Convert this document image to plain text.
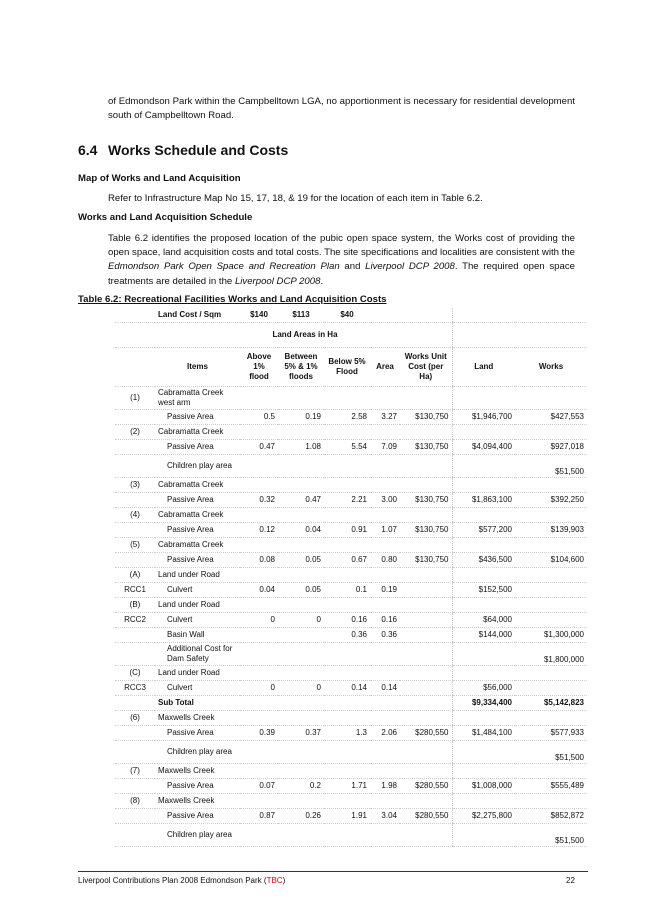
of Edmondson Park within the Campbelltown LGA, no apportionment is necessary for residential development south of Campbelltown Road.
6.4 Works Schedule and Costs
Map of Works and Land Acquisition
Refer to Infrastructure Map No 15, 17, 18, & 19 for the location of each item in Table 6.2.
Works and Land Acquisition Schedule
Table 6.2 identifies the proposed location of the pubic open space system, the Works cost of providing the open space, land acquisition costs and total costs. The site specifications and localities are consistent with the Edmondson Park Open Space and Recreation Plan and Liverpool DCP 2008. The required open space treatments are detailed in the Liverpool DCP 2008.
Table 6.2: Recreational Facilities Works and Land Acquisition Costs
	Land Cost / Sqm	$140	$113	$40				
		Land Areas in Ha						
	Items	Above 1% flood	Between 5% & 1% floods	Below 5% Flood	Area	Works Unit Cost (per Ha)	Land	Works
(1)	Cabramatta Creek west arm							
	Passive Area	0.5	0.19	2.58	3.27	$130,750	$1,946,700	$427,553
(2)	Cabramatta Creek							
	Passive Area	0.47	1.08	5.54	7.09	$130,750	$4,094,400	$927,018
	Children play area							$51,500
(3)	Cabramatta Creek							
	Passive Area	0.32	0.47	2.21	3.00	$130,750	$1,863,100	$392,250
(4)	Cabramatta Creek							
	Passive Area	0.12	0.04	0.91	1.07	$130,750	$577,200	$139,903
(5)	Cabramatta Creek							
	Passive Area	0.08	0.05	0.67	0.80	$130,750	$436,500	$104,600
(A)	Land under Road							
RCC1	Culvert	0.04	0.05	0.1	0.19		$152,500	
(B)	Land under Road							
RCC2	Culvert	0	0	0.16	0.16		$64,000	
	Basin Wall			0.36	0.36		$144,000	$1,300,000
	Additional Cost for Dam Safety							$1,800,000
(C)	Land under Road							
RCC3	Culvert	0	0	0.14	0.14		$56,000	
	Sub Total						$9,334,400	$5,142,823
(6)	Maxwells Creek							
	Passive Area	0.39	0.37	1.3	2.06	$280,550	$1,484,100	$577,933
	Children play area							$51,500
(7)	Maxwells Creek							
	Passive Area	0.07	0.2	1.71	1.98	$280,550	$1,008,000	$555,489
(8)	Maxwells Creek							
	Passive Area	0.87	0.26	1.91	3.04	$280,550	$2,275,800	$852,872
	Children play area							$51,500
Liverpool Contributions Plan 2008 Edmondson Park (TBC)	22
